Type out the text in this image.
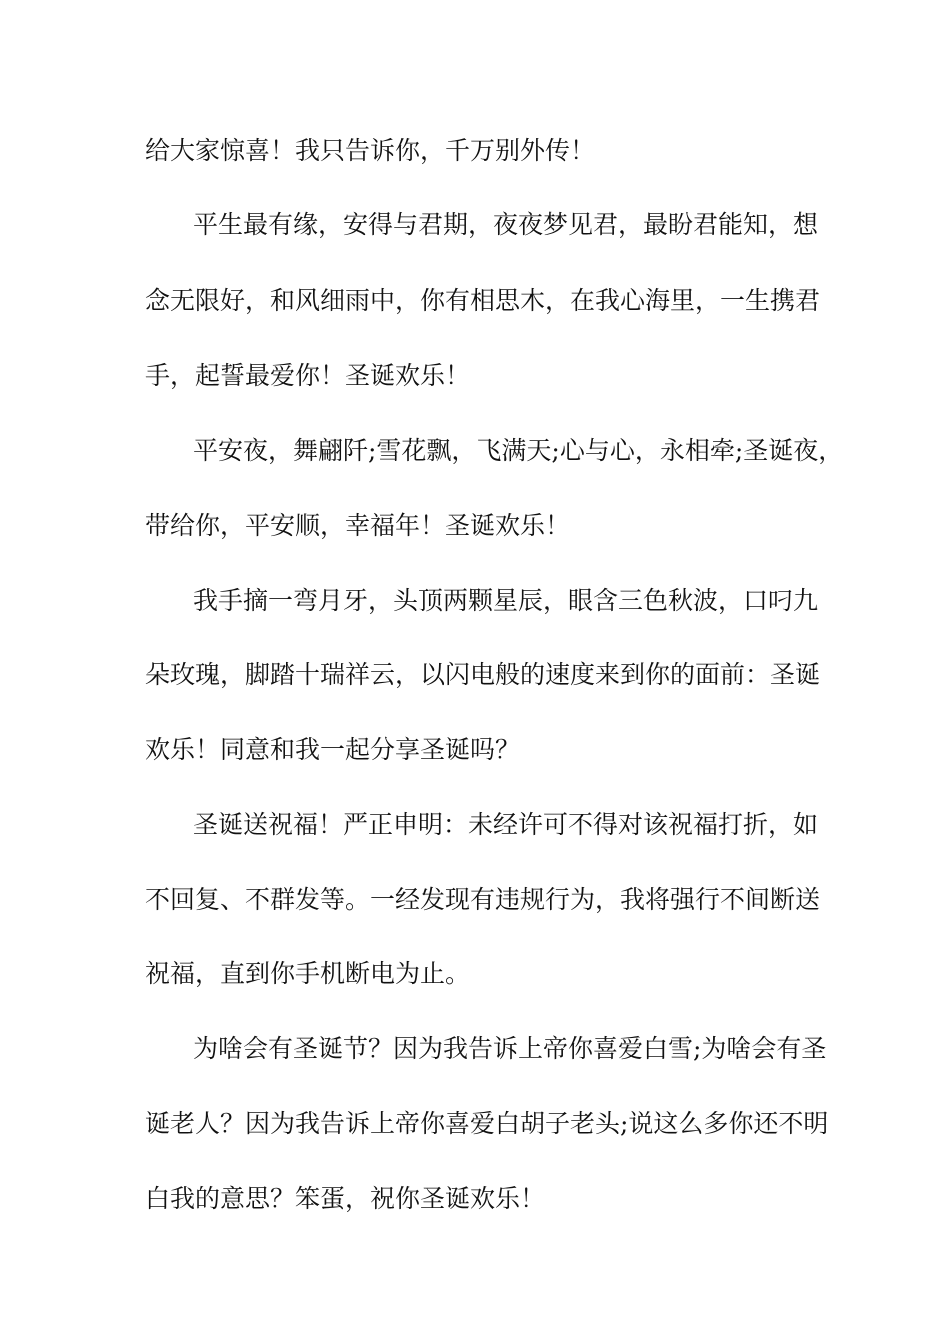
给大家惊喜！我只告诉你，千万别外传！
平生最有缘，安得与君期，夜夜梦见君，最盼君能知，想
念无限好，和风细雨中，你有相思木，在我心海里，一生携君
手，起誓最爱你！圣诞欢乐！
平安夜，舞翩阡;雪花飘，飞满天;心与心，永相牵;圣诞夜，
带给你，平安顺，幸福年！圣诞欢乐！
我手摘一弯月牙，头顶两颗星辰，眼含三色秋波，口叼九
朵玫瑰，脚踏十瑞祥云，以闪电般的速度来到你的面前：圣诞
欢乐！同意和我一起分享圣诞吗？
圣诞送祝福！严正申明：未经许可不得对该祝福打折，如
不回复、不群发等。一经发现有违规行为，我将强行不间断送
祝福，直到你手机断电为止。
为啥会有圣诞节？因为我告诉上帝你喜爱白雪;为啥会有圣
诞老人？因为我告诉上帝你喜爱白胡子老头;说这么多你还不明
白我的意思？笨蛋，祝你圣诞欢乐！
